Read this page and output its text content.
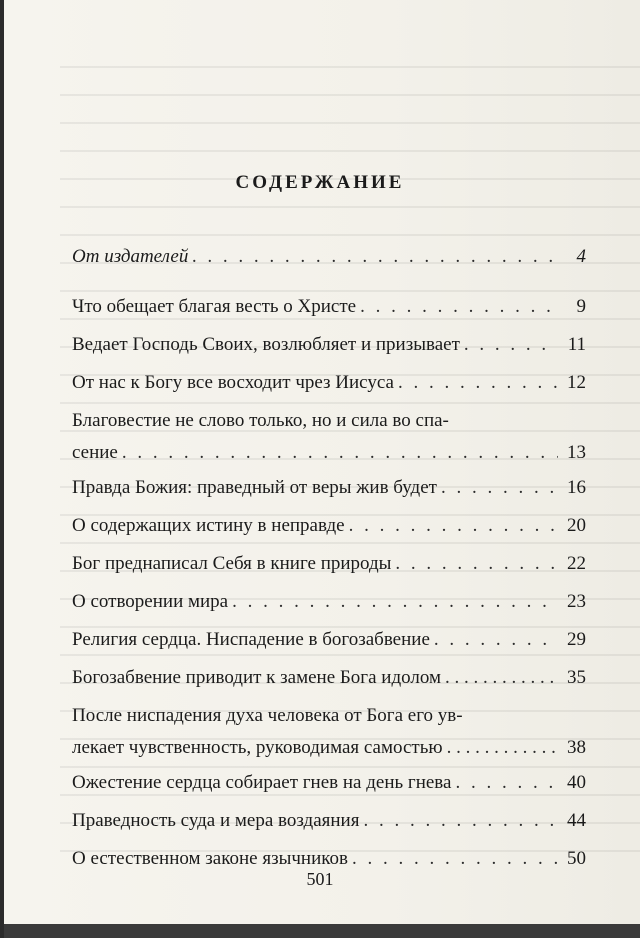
СОДЕРЖАНИЕ
От издателей . . .	4
Что обещает благая весть о Христе . . .	9
Ведает Господь Своих, возлюбляет и призывает . . .	11
От нас к Богу все восходит чрез Иисуса . . .	12
Благовестие не слово только, но и сила во спа-
сение . . .	13
Правда Божия: праведный от веры жив будет . . .	16
О содержащих истину в неправде . . .	20
Бог преднаписал Себя в книге природы . . .	22
О сотворении мира . . .	23
Религия сердца. Ниспадение в богозабвение . . .	29
Богозабвение приводит к замене Бога идолом . . .	35
После ниспадения духа человека от Бога его ув-
лекает чувственность, руководимая самостью . . .	38
Ожестение сердца собирает гнев на день гнева . . .	40
Праведность суда и мера воздаяния . . .	44
О естественном законе язычников . . .	50
501
